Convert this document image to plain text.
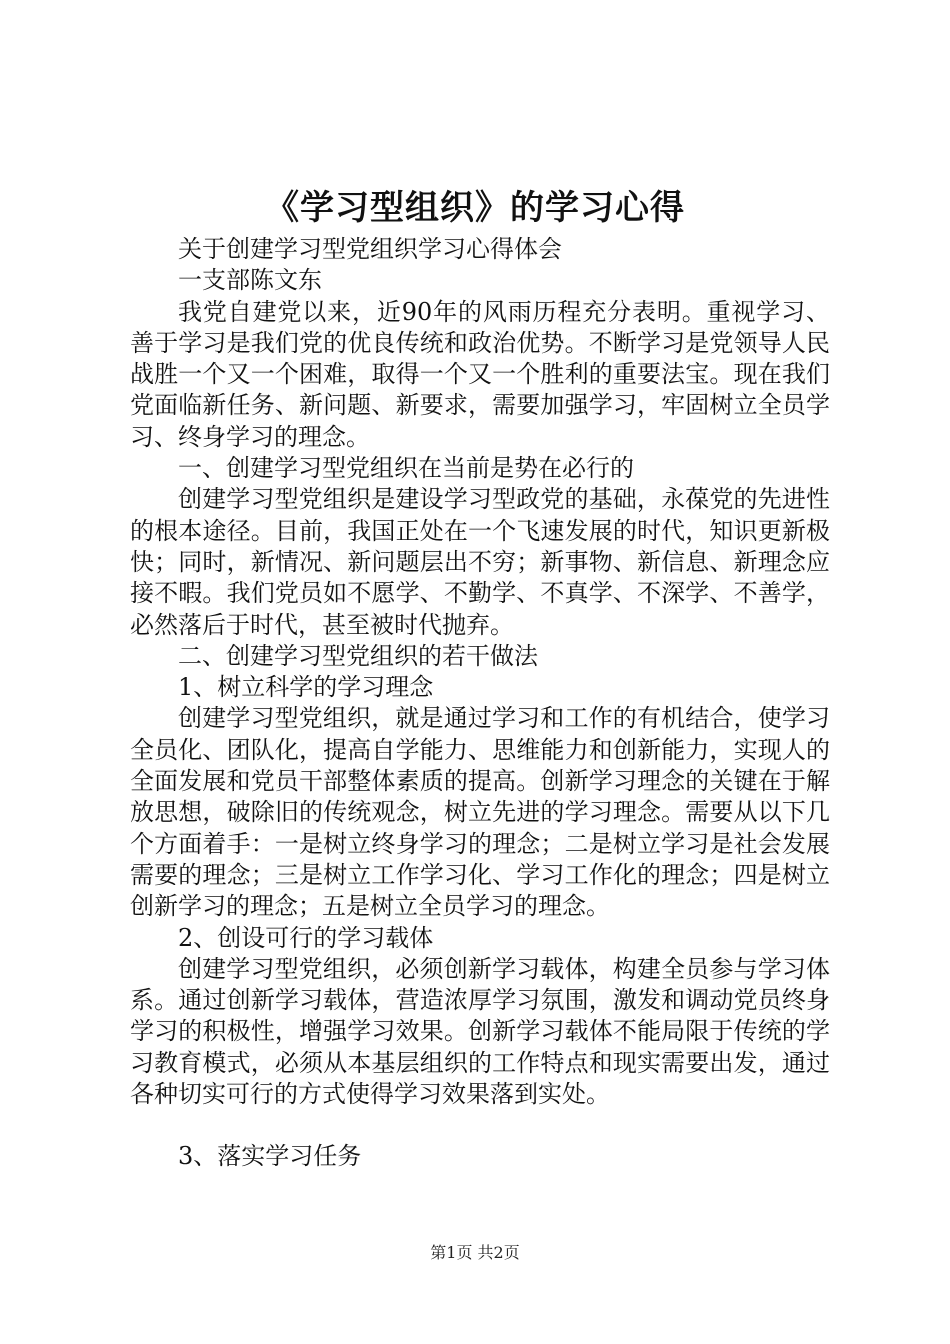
《学习型组织》的学习心得

关于创建学习型党组织学习心得体会

一支部陈文东

我党自建党以来，近90年的风雨历程充分表明。重视学习、善于学习是我们党的优良传统和政治优势。不断学习是党领导人民战胜一个又一个困难，取得一个又一个胜利的重要法宝。现在我们党面临新任务、新问题、新要求，需要加强学习，牢固树立全员学习、终身学习的理念。

一、创建学习型党组织在当前是势在必行的

创建学习型党组织是建设学习型政党的基础，永葆党的先进性的根本途径。目前，我国正处在一个飞速发展的时代，知识更新极快；同时，新情况、新问题层出不穷；新事物、新信息、新理念应接不暇。我们党员如不愿学、不勤学、不真学、不深学、不善学，必然落后于时代，甚至被时代抛弃。

二、创建学习型党组织的若干做法

1、树立科学的学习理念

创建学习型党组织，就是通过学习和工作的有机结合，使学习全员化、团队化，提高自学能力、思维能力和创新能力，实现人的全面发展和党员干部整体素质的提高。创新学习理念的关键在于解放思想，破除旧的传统观念，树立先进的学习理念。需要从以下几个方面着手：一是树立终身学习的理念；二是树立学习是社会发展需要的理念；三是树立工作学习化、学习工作化的理念；四是树立创新学习的理念；五是树立全员学习的理念。

2、创设可行的学习载体

创建学习型党组织，必须创新学习载体，构建全员参与学习体系。通过创新学习载体，营造浓厚学习氛围，激发和调动党员终身学习的积极性，增强学习效果。创新学习载体不能局限于传统的学习教育模式，必须从本基层组织的工作特点和现实需要出发，通过各种切实可行的方式使得学习效果落到实处。

3、落实学习任务

第1页 共2页
